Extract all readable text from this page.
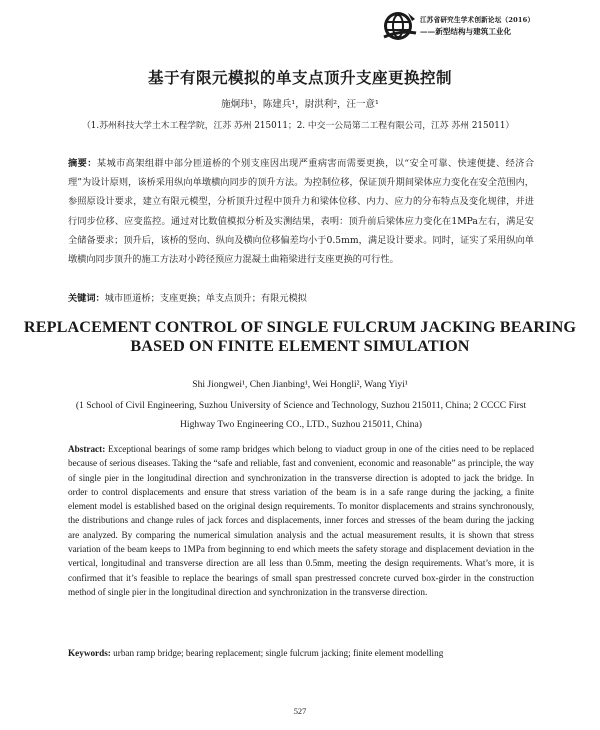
江苏省研究生学术创新论坛（2016）
——新型结构与建筑工业化
基于有限元模拟的单支点顶升支座更换控制
施炯玮¹，陈建兵¹，尉洪利²，汪一意¹
（1.苏州科技大学土木工程学院，江苏 苏州 215011；2. 中交一公局第二工程有限公司，江苏 苏州 215011）
摘要：某城市高架组群中部分匝道桥的个别支座因出现严重病害而需要更换，以“安全可靠、快速便捷、经济合理”为设计原则，该桥采用纵向单墩横向同步的顶升方法。为控制位移，保证顶升期间梁体应力变化在安全范围内，参照原设计要求，建立有限元模型，分析顶升过程中顶升力和梁体位移、内力、应力的分布特点及变化规律，并进行同步位移、应变监控。通过对比数值模拟分析及实测结果，表明：顶升前后梁体应力变化在1MPa左右，满足安全储备要求；顶升后，该桥的竖向、纵向及横向位移偏差均小于0.5mm，满足设计要求。同时，证实了采用纵向单墩横向同步顶升的施工方法对小跨径预应力混凝土曲箱梁进行支座更换的可行性。
关键词：城市匝道桥；支座更换；单支点顶升；有限元模拟
REPLACEMENT CONTROL OF SINGLE FULCRUM JACKING BEARING BASED ON FINITE ELEMENT SIMULATION
Shi Jiongwei¹, Chen Jianbing¹, Wei Hongli², Wang Yiyi¹
(1 School of Civil Engineering, Suzhou University of Science and Technology, Suzhou 215011, China; 2 CCCC First Highway Two Engineering CO., LTD., Suzhou 215011, China)
Abstract: Exceptional bearings of some ramp bridges which belong to viaduct group in one of the cities need to be replaced because of serious diseases. Taking the “safe and reliable, fast and convenient, economic and reasonable” as principle, the way of single pier in the longitudinal direction and synchronization in the transverse direction is adopted to jack the bridge. In order to control displacements and ensure that stress variation of the beam is in a safe range during the jacking, a finite element model is established based on the original design requirements. To monitor displacements and strains synchronously, the distributions and change rules of jack forces and displacements, inner forces and stresses of the beam during the jacking are analyzed. By comparing the numerical simulation analysis and the actual measurement results, it is shown that stress variation of the beam keeps to 1MPa from beginning to end which meets the safety storage and displacement deviation in the vertical, longitudinal and transverse direction are all less than 0.5mm, meeting the design requirements. What’s more, it is confirmed that it’s feasible to replace the bearings of small span prestressed concrete curved box-girder in the construction method of single pier in the longitudinal direction and synchronization in the transverse direction.
Keywords: urban ramp bridge; bearing replacement; single fulcrum jacking; finite element modelling
527
